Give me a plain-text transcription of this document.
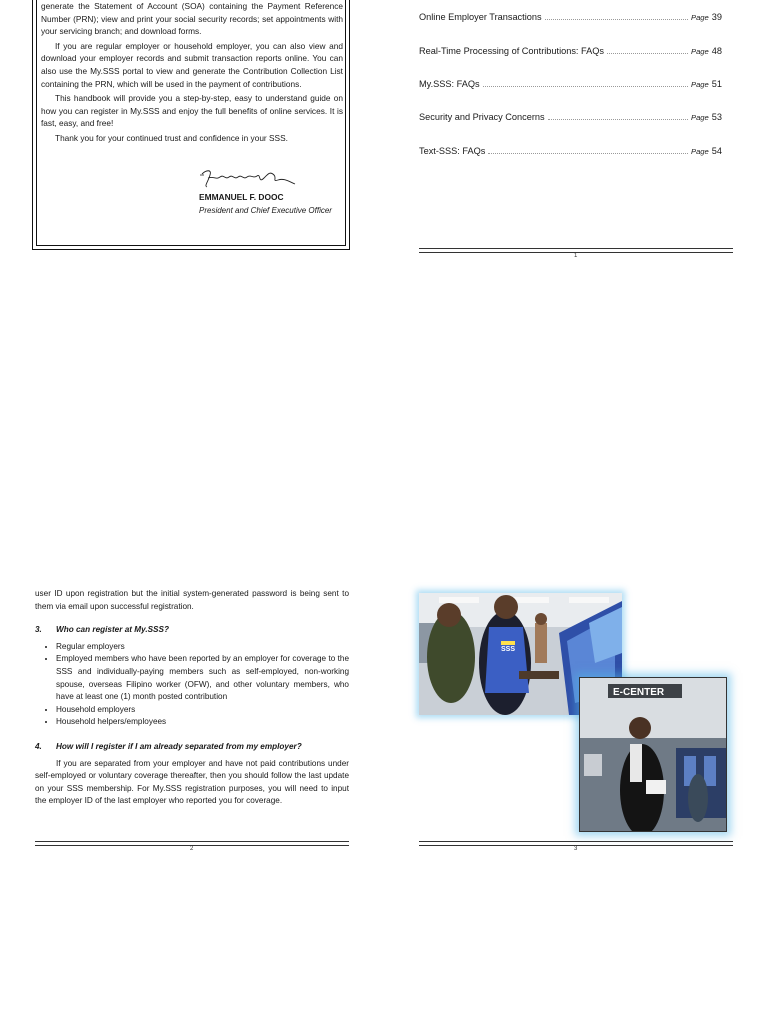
generate the Statement of Account (SOA) containing the Payment Reference Number (PRN); view and print your social security records; set appointments with your servicing branch; and download forms.

If you are regular employer or household employer, you can also view and download your employer records and submit transaction reports online. You can also use the My.SSS portal to view and generate the Contribution Collection List containing the PRN, which will be used in the payment of contributions.

This handbook will provide you a step-by-step, easy to understand guide on how you can register in My.SSS and enjoy the full benefits of online services. It is fast, easy, and free!

Thank you for your continued trust and confidence in your SSS.

EMMANUEL F. DOOC
President and Chief Executive Officer
Online Employer Transactions	Page 39
Real-Time Processing of Contributions: FAQs	Page 48
My.SSS: FAQs	Page 51
Security and Privacy Concerns	Page 53
Text-SSS: FAQs	Page 54
1

user ID upon registration but the initial system-generated password is being sent to them via email upon successful registration.

3. Who can register at My.SSS?

• Regular employers
• Employed members who have been reported by an employer for coverage to the SSS and individually-paying members such as self-employed, non-working spouse, overseas Filipino worker (OFW), and other voluntary members, who have at least one (1) month posted contribution
• Household employers
• Household helpers/employees

4. How will I register if I am already separated from my employer?

If you are separated from your employer and have not paid contributions under self-employed or voluntary coverage thereafter, then you should follow the last update on your SSS membership. For My.SSS registration purposes, you will need to input the employer ID of the last employer who reported you for coverage.

2
SSS
E-CENTER
3
